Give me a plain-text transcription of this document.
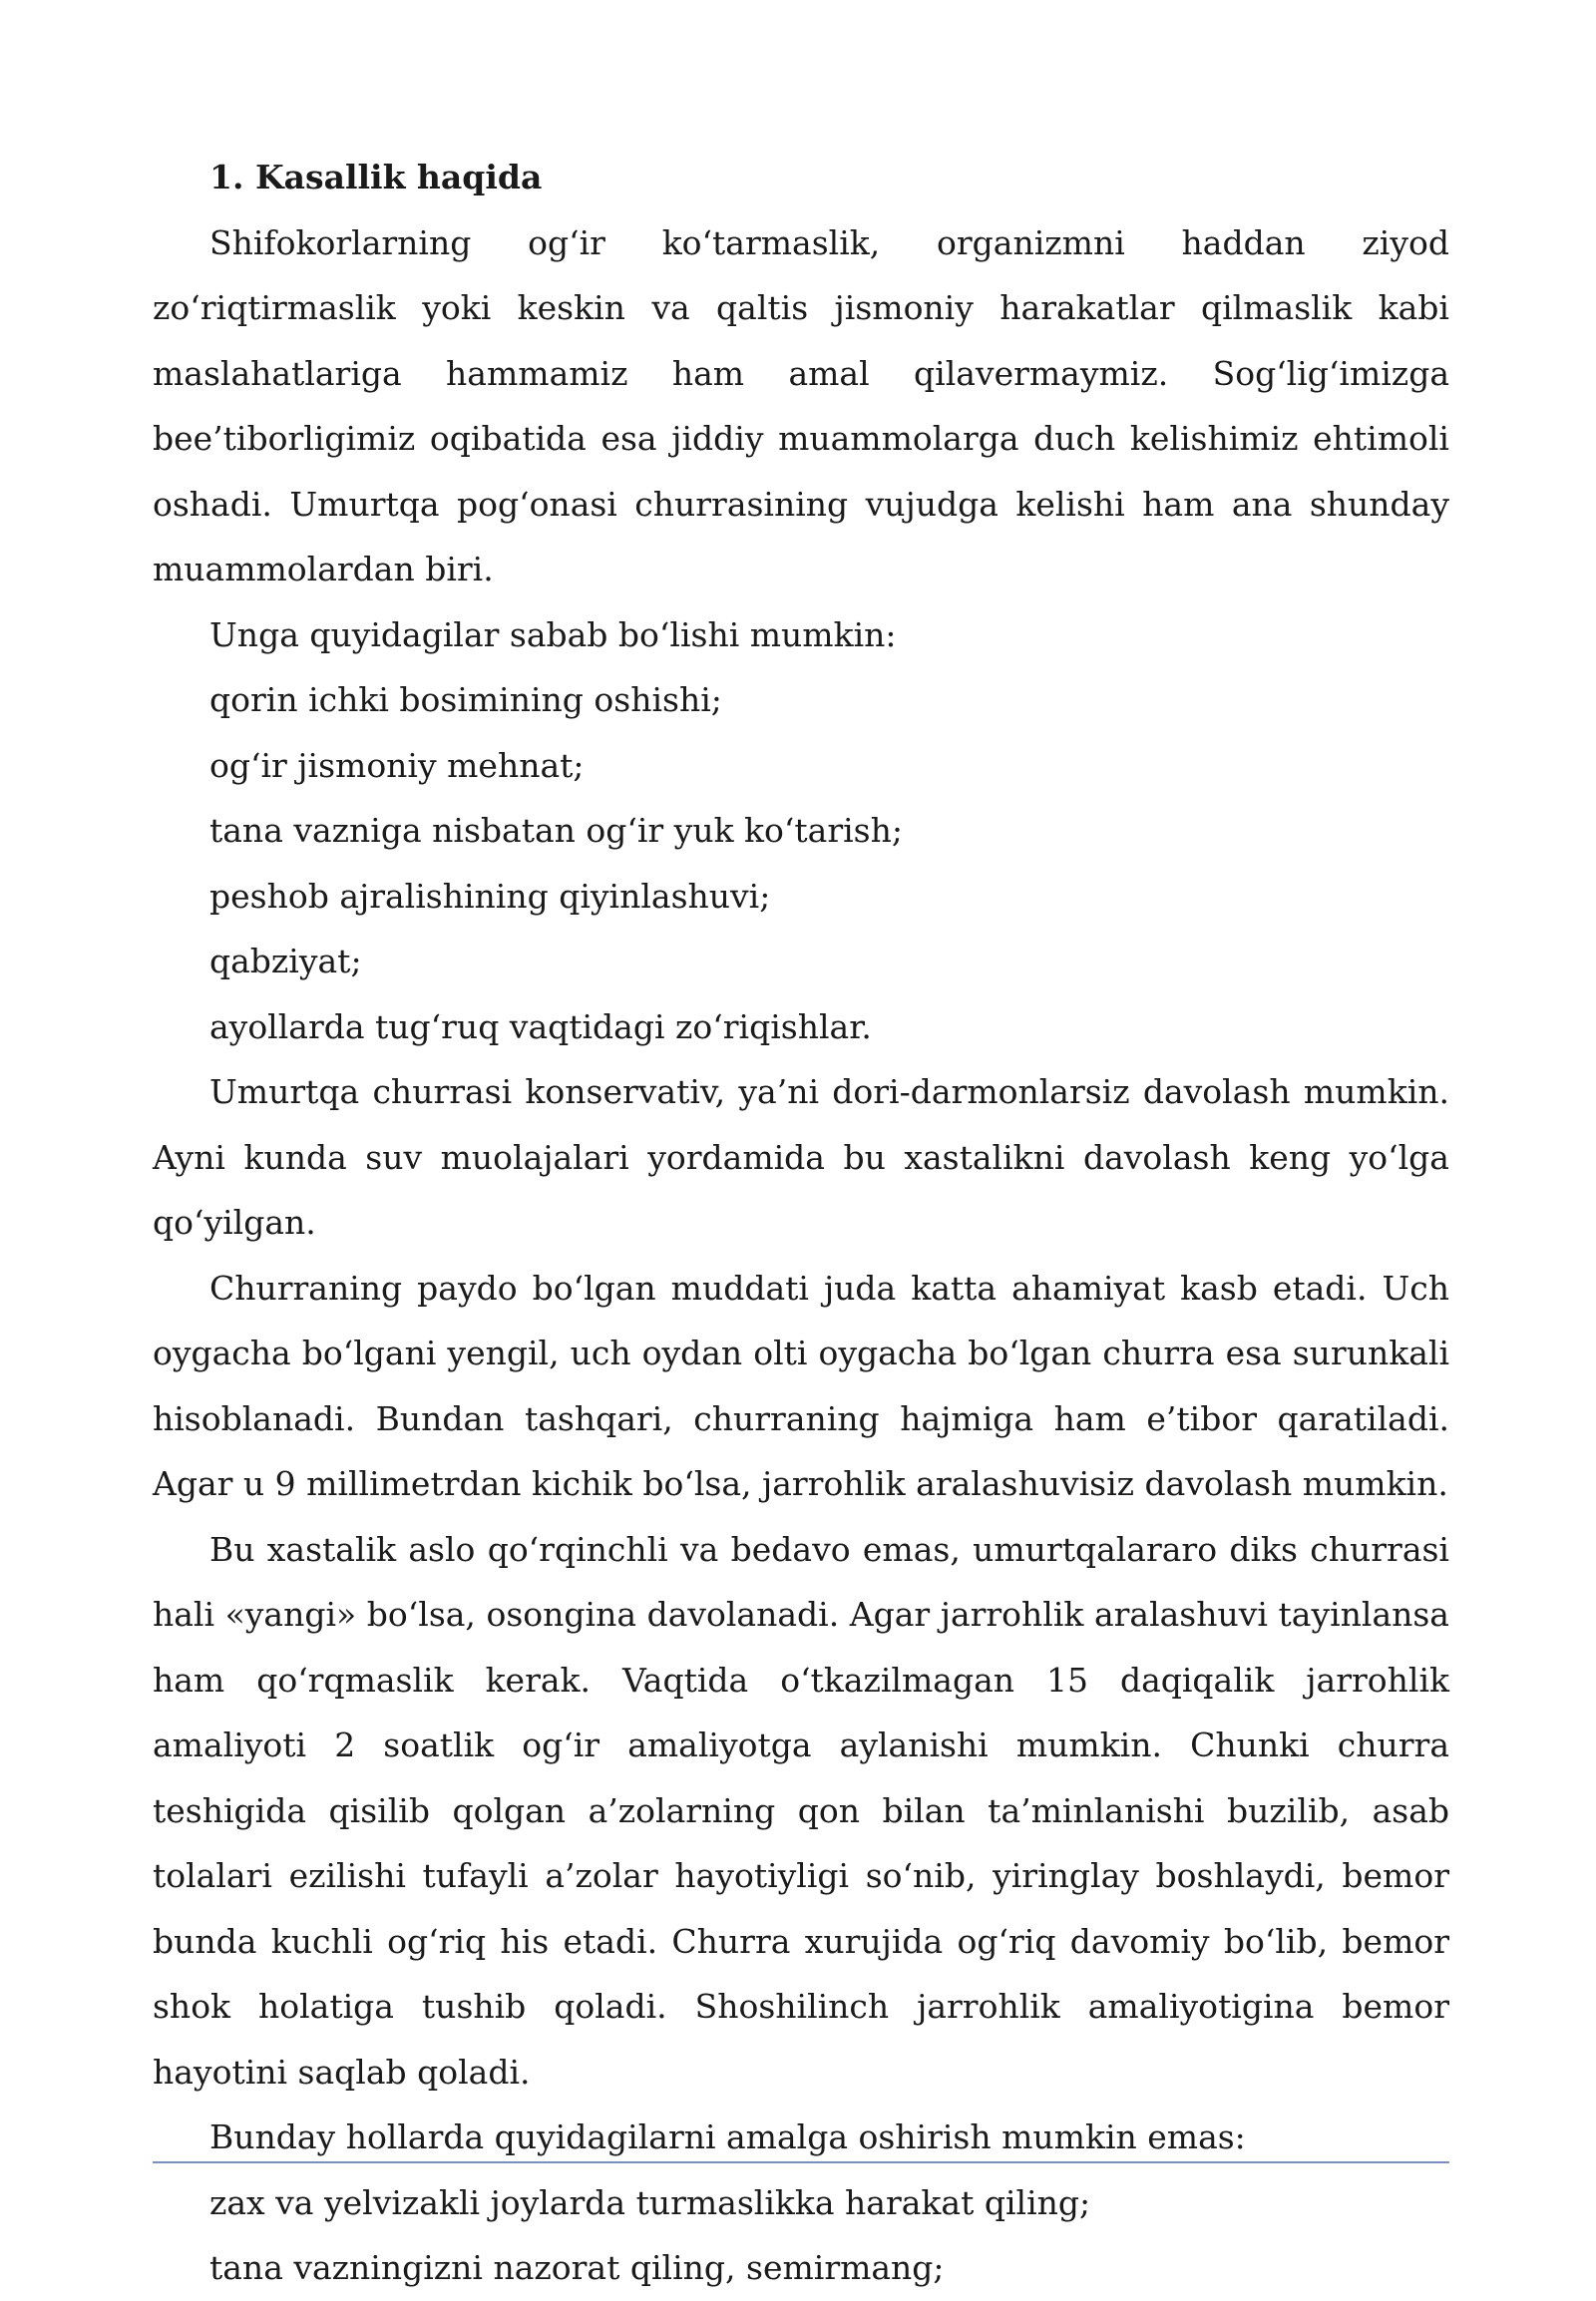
1. Kasallik haqida

Shifokorlarning og‘ir ko‘tarmaslik, organizmni haddan ziyod zo‘riqtirmaslik yoki keskin va qaltis jismoniy harakatlar qilmaslik kabi maslahatlariga hammamiz ham amal qilavermaymiz. Sog‘lig‘imizga bee’tiborligimiz oqibatida esa jiddiy muammolarga duch kelishimiz ehtimoli oshadi. Umurtqa pog‘onasi churrasining vujudga kelishi ham ana shunday muammolardan biri.

Unga quyidagilar sabab bo‘lishi mumkin:

qorin ichki bosimining oshishi;

og‘ir jismoniy mehnat;

tana vazniga nisbatan og‘ir yuk ko‘tarish;

peshob ajralishining qiyinlashuvi;

qabziyat;

ayollarda tug‘ruq vaqtidagi zo‘riqishlar.

Umurtqa churrasi konservativ, ya’ni dori-darmonlarsiz davolash mumkin. Ayni kunda suv muolajalari yordamida bu xastalikni davolash keng yo‘lga qo‘yilgan.

Churraning paydo bo‘lgan muddati juda katta ahamiyat kasb etadi. Uch oygacha bo‘lgani yengil, uch oydan olti oygacha bo‘lgan churra esa surunkali hisoblanadi. Bundan tashqari, churraning hajmiga ham e’tibor qaratiladi. Agar u 9 millimetrdan kichik bo‘lsa, jarrohlik aralashuvisiz davolash mumkin.

Bu xastalik aslo qo‘rqinchli va bedavo emas, umurtqalararo diks churrasi hali «yangi» bo‘lsa, osongina davolanadi. Agar jarrohlik aralashuvi tayinlansa ham qo‘rqmaslik kerak. Vaqtida o‘tkazilmagan 15 daqiqalik jarrohlik amaliyoti 2 soatlik og‘ir amaliyotga aylanishi mumkin. Chunki churra teshigida qisilib qolgan a’zolarning qon bilan ta’minlanishi buzilib, asab tolalari ezilishi tufayli a’zolar hayotiyligi so‘nib, yiringlay boshlaydi, bemor bunda kuchli og‘riq his etadi. Churra xurujida og‘riq davomiy bo‘lib, bemor shok holatiga tushib qoladi. Shoshilinch jarrohlik amaliyotigina bemor hayotini saqlab qoladi.

Bunday hollarda quyidagilarni amalga oshirish mumkin emas:

zax va yelvizakli joylarda turmaslikka harakat qiling;

tana vazningizni nazorat qiling, semirmang;
